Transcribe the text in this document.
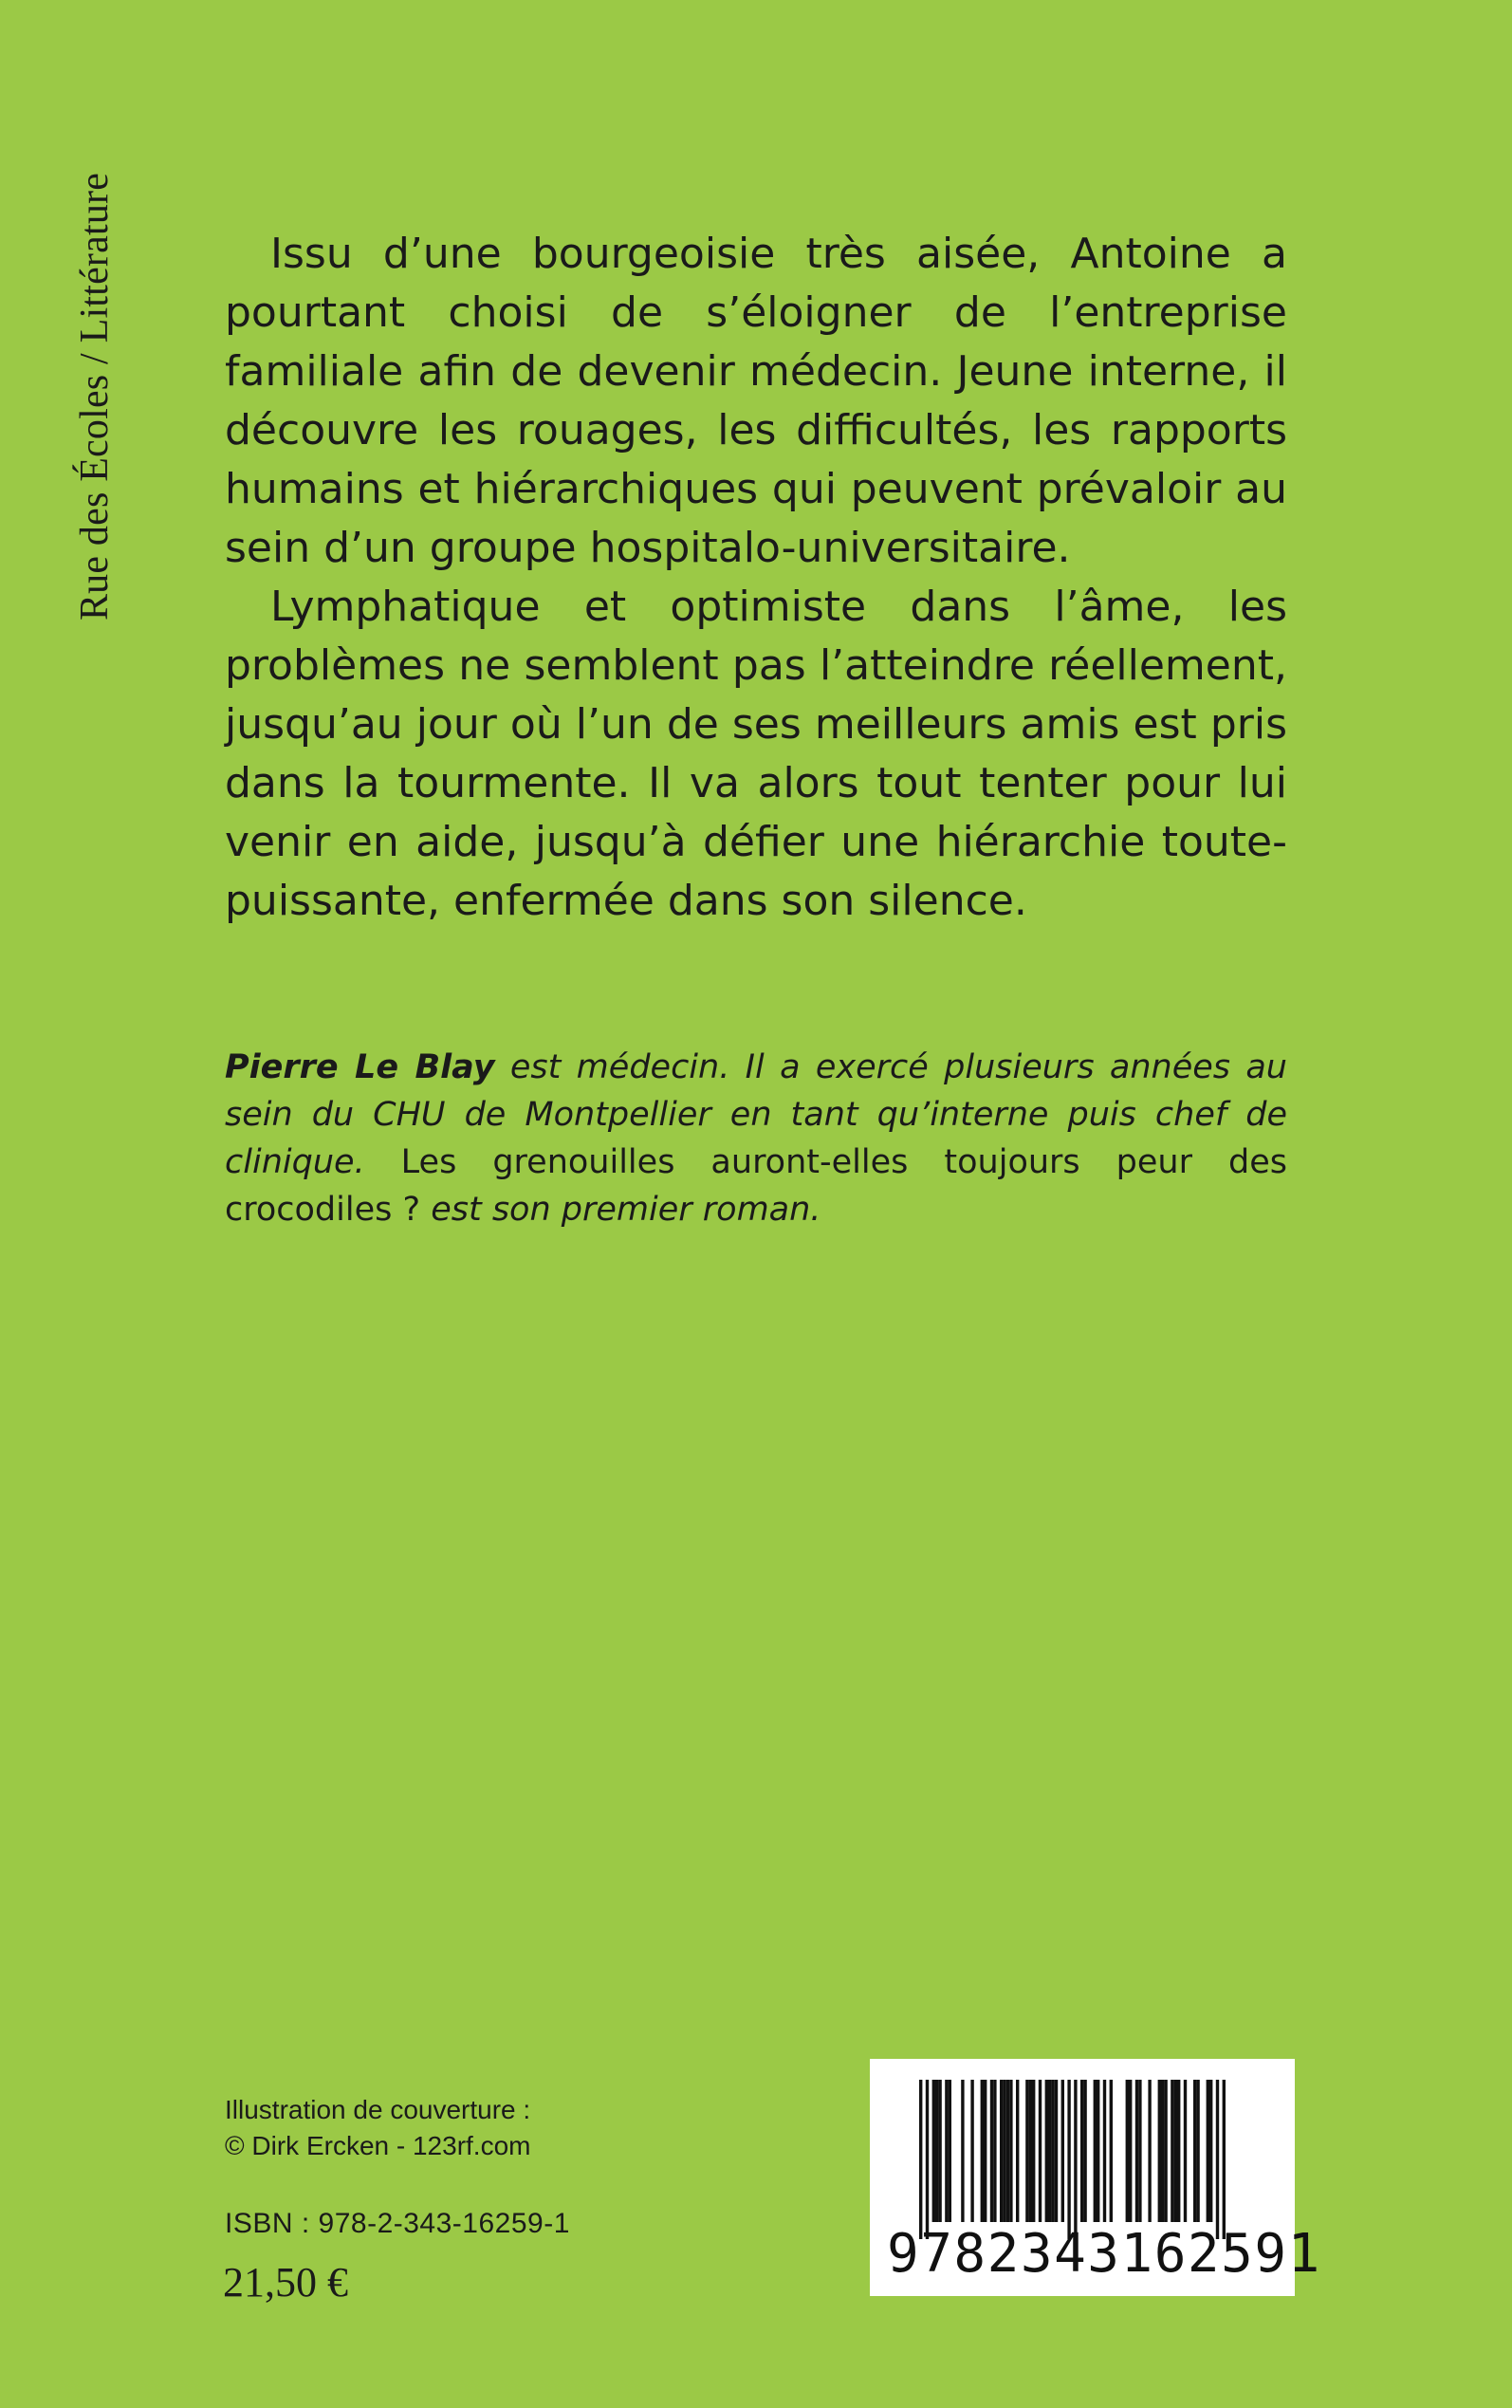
Rue des Écoles / Littérature	Issu d’une bourgeoisie très aisée, Antoine a pourtant choisi de s’éloigner de l’entreprise familiale afin de devenir médecin. Jeune interne, il découvre les rouages, les difficultés, les rapports humains et hiérarchiques qui peuvent prévaloir au sein d’un groupe hospitalo-universitaire.

Lymphatique et optimiste dans l’âme, les problèmes ne semblent pas l’atteindre réellement, jusqu’au jour où l’un de ses meilleurs amis est pris dans la tourmente. Il va alors tout tenter pour lui venir en aide, jusqu’à défier une hiérarchie toute-puissante, enfermée dans son silence.

Pierre Le Blay est médecin. Il a exercé plusieurs années au sein du CHU de Montpellier en tant qu’interne puis chef de clinique. Les grenouilles auront-elles toujours peur des crocodiles ? est son premier roman.
Illustration de couverture :
© Dirk Ercken - 123rf.com
ISBN : 978-2-343-16259-1
21,50 €	9782343162591
